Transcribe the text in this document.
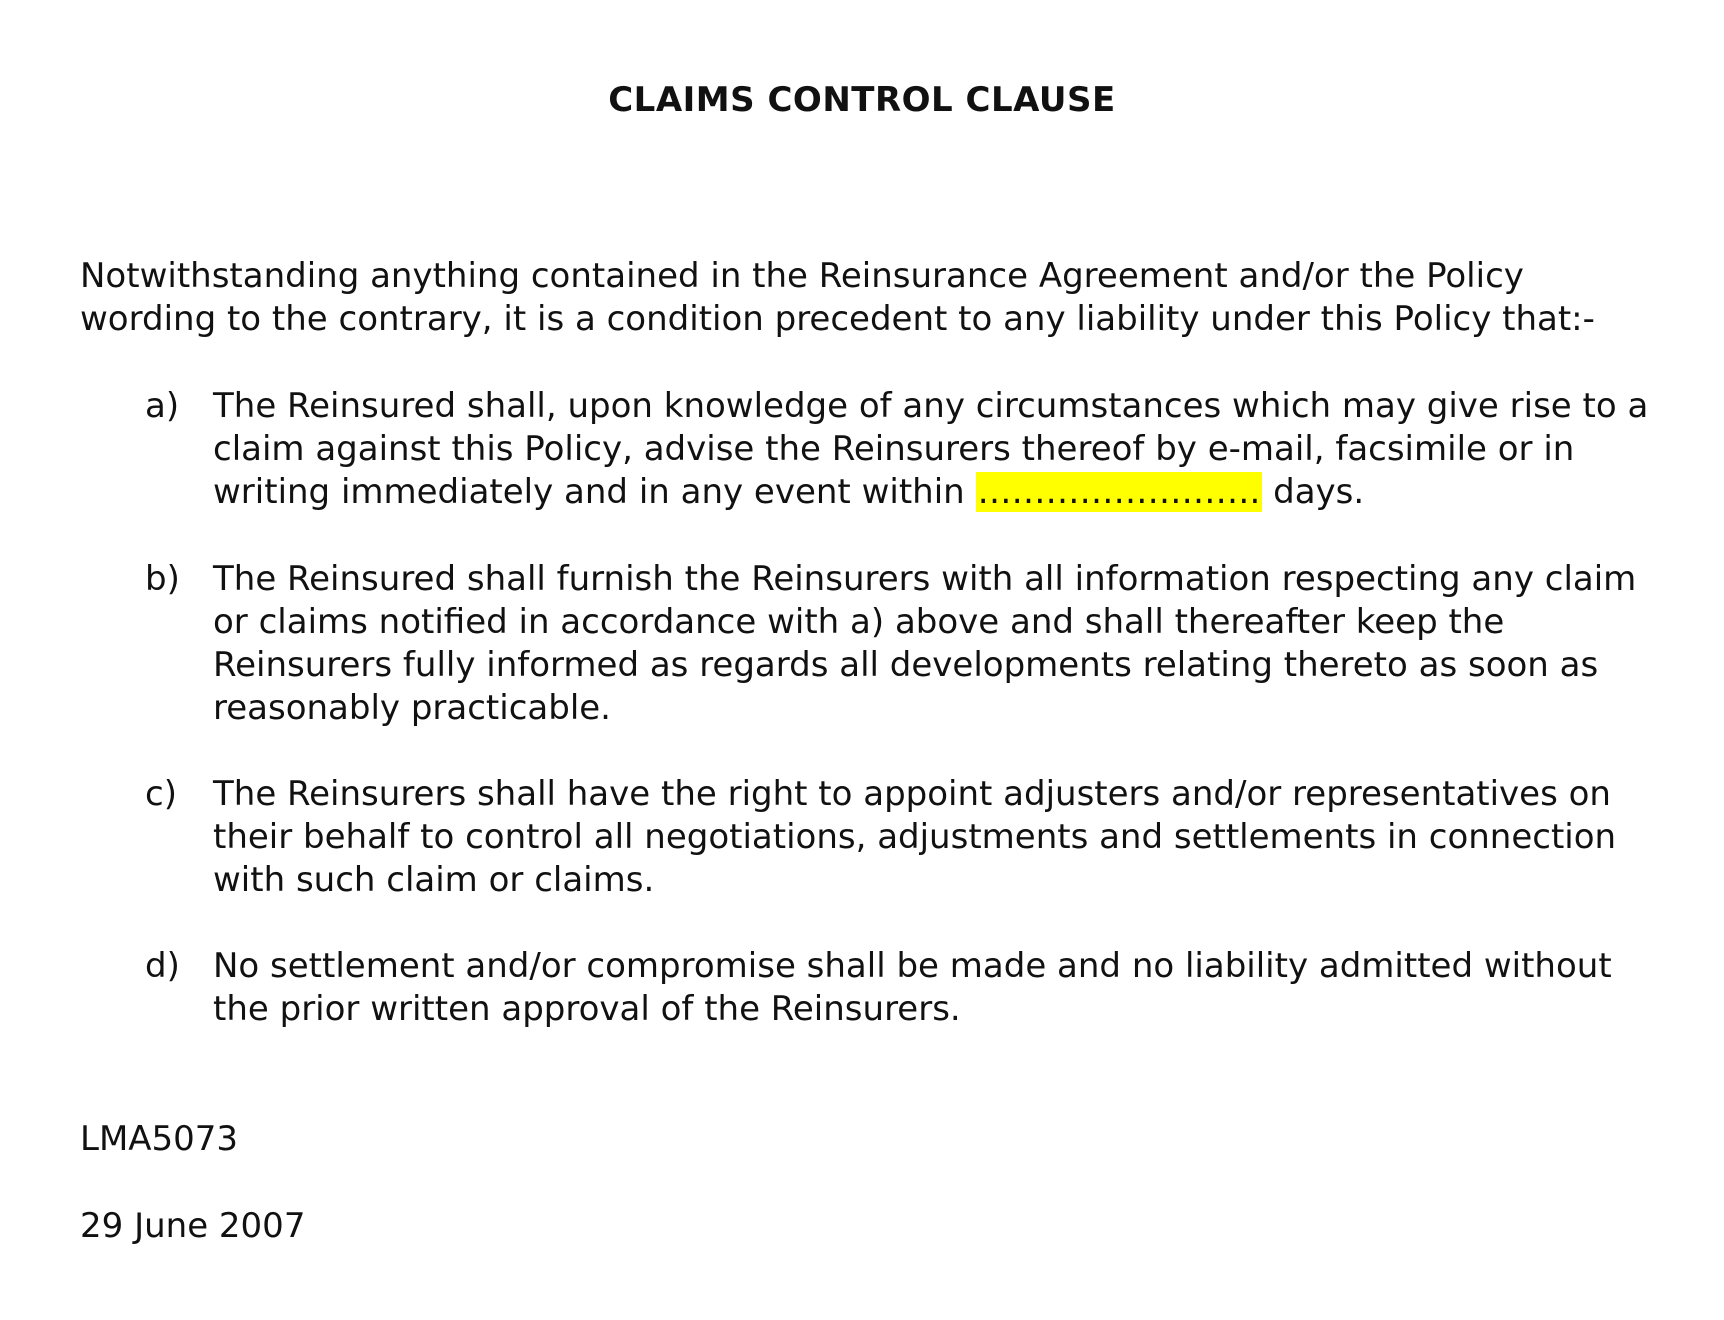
CLAIMS CONTROL CLAUSE
Notwithstanding anything contained in the Reinsurance Agreement and/or the Policy wording to the contrary, it is a condition precedent to any liability under this Policy that:-
a) The Reinsured shall, upon knowledge of any circumstances which may give rise to a claim against this Policy, advise the Reinsurers thereof by e-mail, facsimile or in writing immediately and in any event within ……………………. days.
b) The Reinsured shall furnish the Reinsurers with all information respecting any claim or claims notified in accordance with a) above and shall thereafter keep the Reinsurers fully informed as regards all developments relating thereto as soon as reasonably practicable.
c)	The Reinsurers shall have the right to appoint adjusters and/or representatives on their behalf to control all negotiations, adjustments and settlements in connection with such claim or claims.
d) No settlement and/or compromise shall be made and no liability admitted without the prior written approval of the Reinsurers.
LMA5073
29 June 2007
